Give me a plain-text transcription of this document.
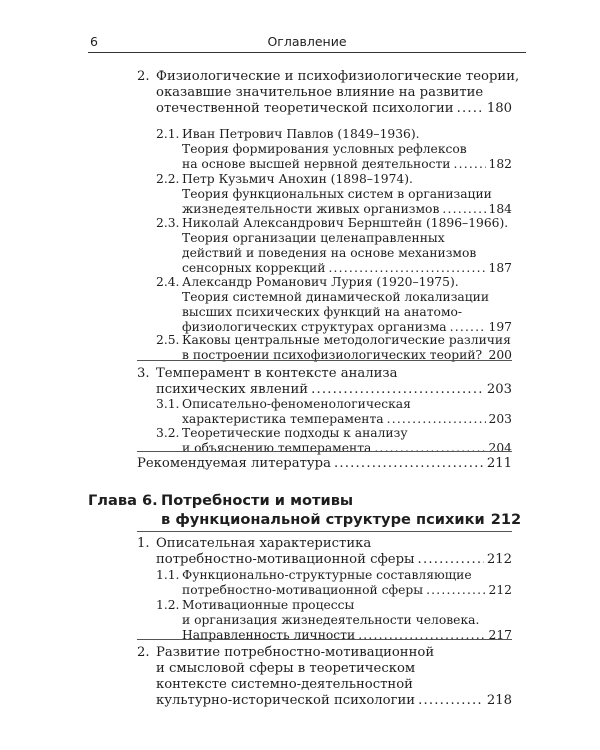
6	Оглавление
2. Физиологические и психофизиологические теории,
оказавшие значительное влияние на развитие
отечественной теоретической психологии .....	180
2.1. Иван Петрович Павлов (1849–1936).
Теория формирования условных рефлексов
на основе высшей нервной деятельности .....	182
2.2. Петр Кузьмич Анохин (1898–1974).
Теория функциональных систем в организации
жизнедеятельности живых организмов .....	184
2.3. Николай Александрович Бернштейн (1896–1966).
Теория организации целенаправленных
действий и поведения на основе механизмов
сенсорных коррекций .....	187
2.4. Александр Романович Лурия (1920–1975).
Теория системной динамической локализации
высших психических функций на анатомо-
физиологических структурах организма .....	197
2.5. Каковы центральные методологические различия
в построении психофизиологических теорий? ..... 200
3. Темперамент в контексте анализа
психических явлений .....	203
3.1. Описательно-феноменологическая
характеристика темперамента .....	203
3.2. Теоретические подходы к анализу
и объяснению темперамента .....	204
Рекомендуемая литература .....	211
Глава 6. Потребности и мотивы
в функциональной структуре психики 212
1. Описательная характеристика
потребностно-мотивационной сферы .....	212
1.1. Функционально-структурные составляющие
потребностно-мотивационной сферы .....	212
1.2. Мотивационные процессы
и организация жизнедеятельности человека.
Направленность личности .....	217
2. Развитие потребностно-мотивационной
и смысловой сферы в теоретическом
контексте системно-деятельностной
культурно-исторической психологии .....	218
